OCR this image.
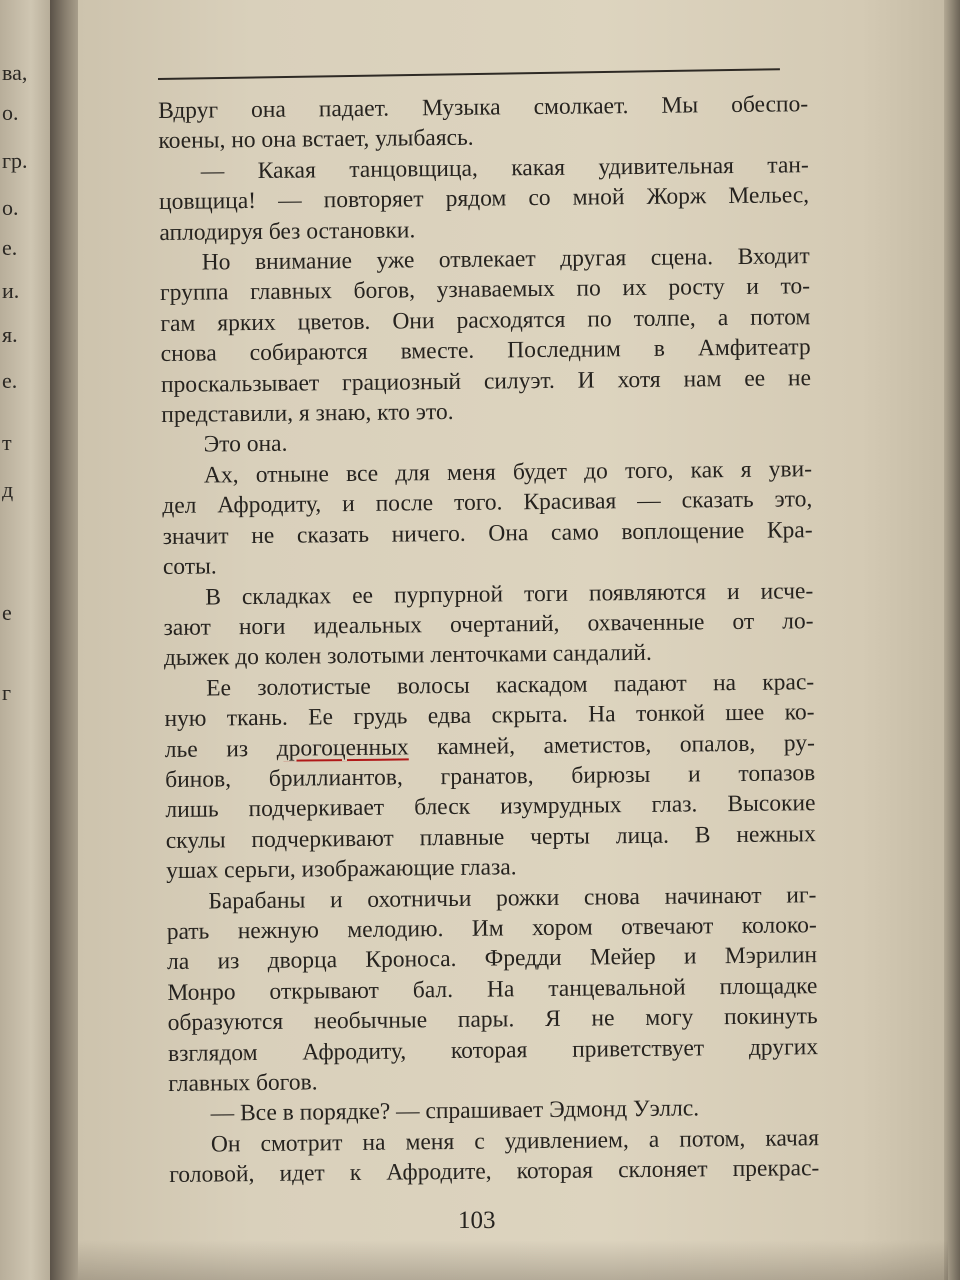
ва,
о.
гр.
о.
е.
и.
я.
е.
т
д
е
г
Вдруг она падает. Музыка смолкает. Мы обеспо-
коены, но она встает, улыбаясь.
— Какая танцовщица, какая удивительная тан-
цовщица! — повторяет рядом со мной Жорж Мельес,
аплодируя без остановки.
Но внимание уже отвлекает другая сцена. Входит
группа главных богов, узнаваемых по их росту и то-
гам ярких цветов. Они расходятся по толпе, а потом
снова собираются вместе. Последним в Амфитеатр
проскальзывает грациозный силуэт. И хотя нам ее не
представили, я знаю, кто это.
Это она.
Ах, отныне все для меня будет до того, как я уви-
дел Афродиту, и после того. Красивая — сказать это,
значит не сказать ничего. Она само воплощение Кра-
соты.
В складках ее пурпурной тоги появляются и исче-
зают ноги идеальных очертаний, охваченные от ло-
дыжек до колен золотыми ленточками сандалий.
Ее золотистые волосы каскадом падают на крас-
ную ткань. Ее грудь едва скрыта. На тонкой шее ко-
лье из дрогоценных камней, аметистов, опалов, ру-
бинов, бриллиантов, гранатов, бирюзы и топазов
лишь подчеркивает блеск изумрудных глаз. Высокие
скулы подчеркивают плавные черты лица. В нежных
ушах серьги, изображающие глаза.
Барабаны и охотничьи рожки снова начинают иг-
рать нежную мелодию. Им хором отвечают колоко-
ла из дворца Кроноса. Фредди Мейер и Мэрилин
Монро открывают бал. На танцевальной площадке
образуются необычные пары. Я не могу покинуть
взглядом Афродиту, которая приветствует других
главных богов.
— Все в порядке? — спрашивает Эдмонд Уэллс.
Он смотрит на меня с удивлением, а потом, качая
головой, идет к Афродите, которая склоняет прекрас-
103
